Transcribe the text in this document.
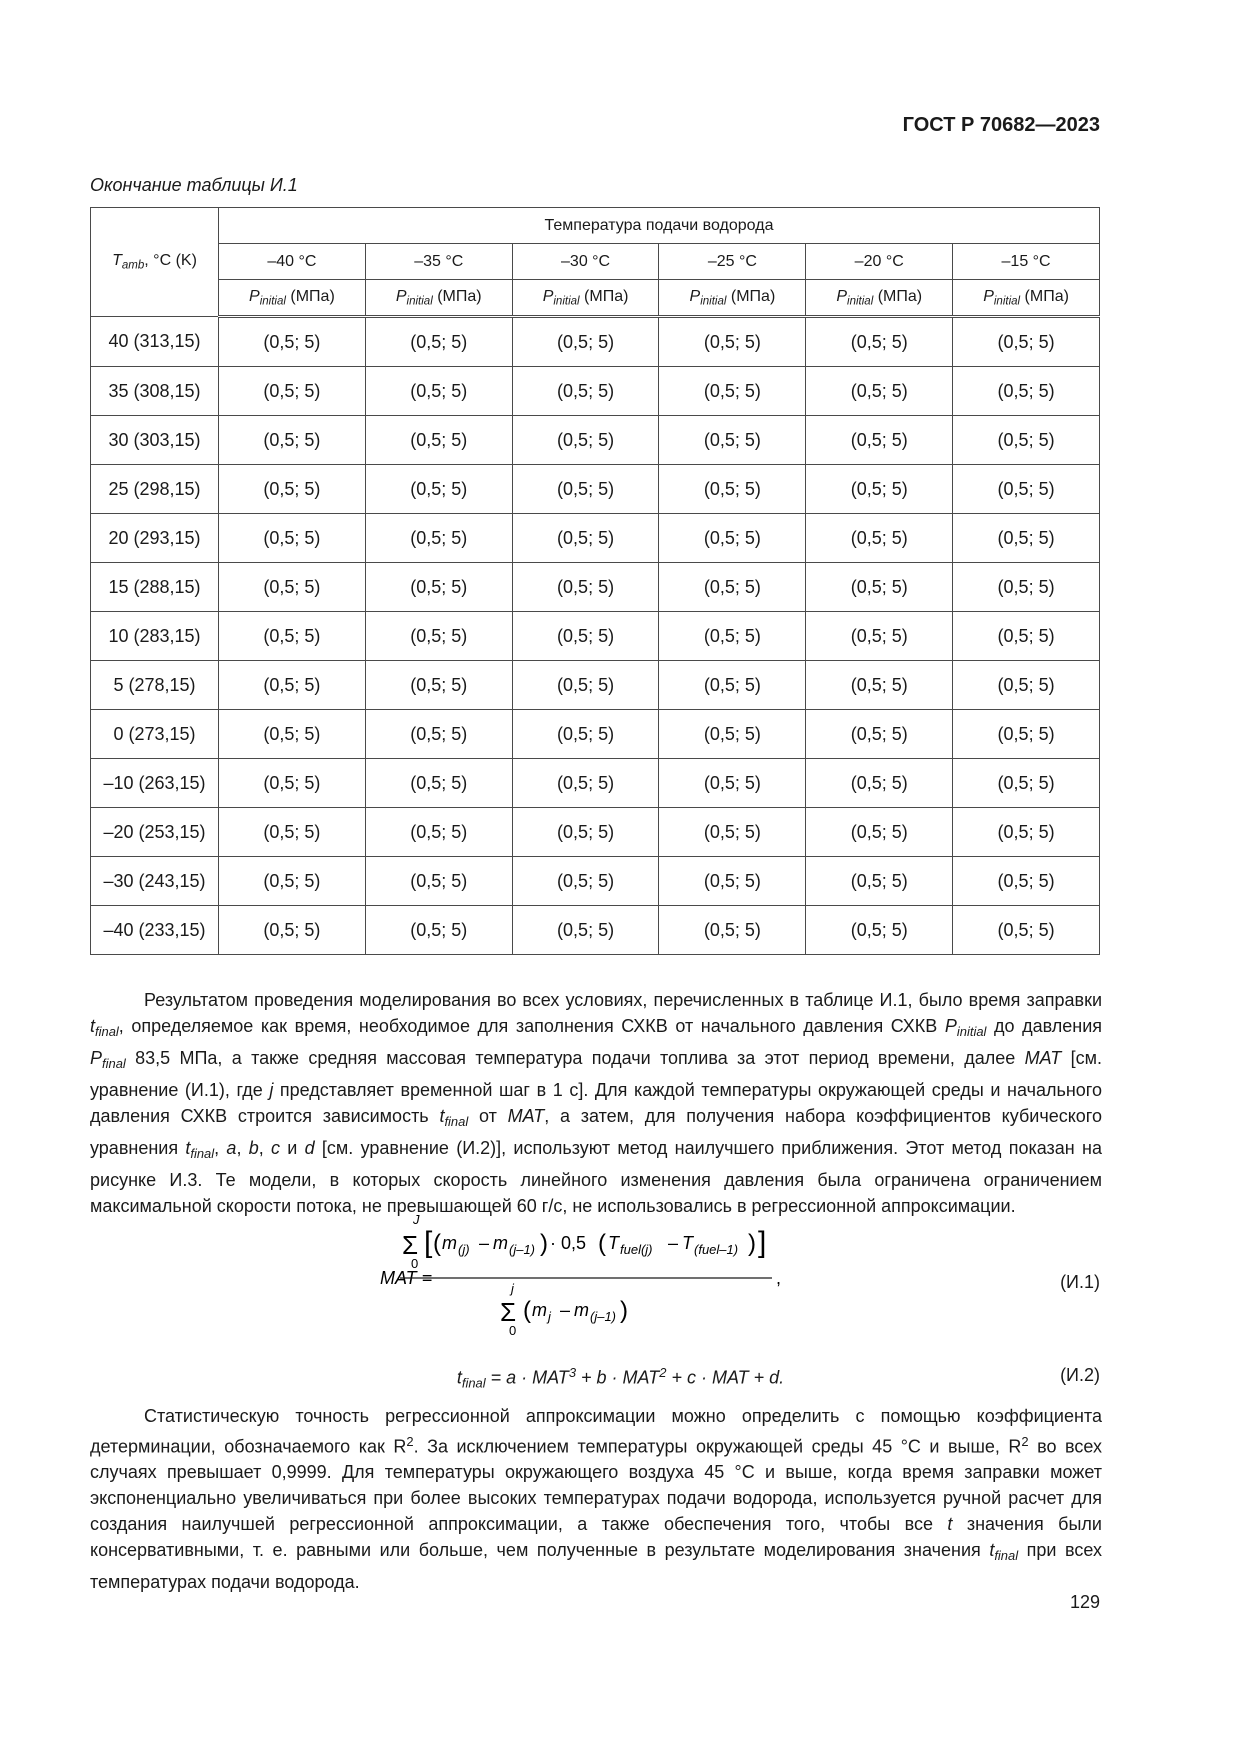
ГОСТ Р 70682—2023
Окончание таблицы И.1
$T_{amb}$, °C (K)	Температура подачи водорода					
	–40 °C	–35 °C	–30 °C	–25 °C	–20 °C	–15 °C
	$P_{initial}$ (МПа)	$P_{initial}$ (МПа)	$P_{initial}$ (МПа)	$P_{initial}$ (МПа)	$P_{initial}$ (МПа)	$P_{initial}$ (МПа)
40 (313,15)	(0,5; 5)	(0,5; 5)	(0,5; 5)	(0,5; 5)	(0,5; 5)	(0,5; 5)
35 (308,15)	(0,5; 5)	(0,5; 5)	(0,5; 5)	(0,5; 5)	(0,5; 5)	(0,5; 5)
30 (303,15)	(0,5; 5)	(0,5; 5)	(0,5; 5)	(0,5; 5)	(0,5; 5)	(0,5; 5)
25 (298,15)	(0,5; 5)	(0,5; 5)	(0,5; 5)	(0,5; 5)	(0,5; 5)	(0,5; 5)
20 (293,15)	(0,5; 5)	(0,5; 5)	(0,5; 5)	(0,5; 5)	(0,5; 5)	(0,5; 5)
15 (288,15)	(0,5; 5)	(0,5; 5)	(0,5; 5)	(0,5; 5)	(0,5; 5)	(0,5; 5)
10 (283,15)	(0,5; 5)	(0,5; 5)	(0,5; 5)	(0,5; 5)	(0,5; 5)	(0,5; 5)
5 (278,15)	(0,5; 5)	(0,5; 5)	(0,5; 5)	(0,5; 5)	(0,5; 5)	(0,5; 5)
0 (273,15)	(0,5; 5)	(0,5; 5)	(0,5; 5)	(0,5; 5)	(0,5; 5)	(0,5; 5)
–10 (263,15)	(0,5; 5)	(0,5; 5)	(0,5; 5)	(0,5; 5)	(0,5; 5)	(0,5; 5)
–20 (253,15)	(0,5; 5)	(0,5; 5)	(0,5; 5)	(0,5; 5)	(0,5; 5)	(0,5; 5)
–30 (243,15)	(0,5; 5)	(0,5; 5)	(0,5; 5)	(0,5; 5)	(0,5; 5)	(0,5; 5)
–40 (233,15)	(0,5; 5)	(0,5; 5)	(0,5; 5)	(0,5; 5)	(0,5; 5)	(0,5; 5)

Результатом проведения моделирования во всех условиях, перечисленных в таблице И.1, было время заправки $t_{final}$, определяемое как время, необходимое для заполнения СХКВ от начального давления СХКВ $P_{initial}$ до давления $P_{final}$ 83,5 МПа, а также средняя массовая температура подачи топлива за этот период времени, далее MAT [см. уравнение (И.1), где j представляет временной шаг в 1 с]. Для каждой температуры окружающей среды и начального давления СХКВ строится зависимость $t_{final}$ от MAT, а затем, для получения набора коэффициентов кубического уравнения $t_{final}$, a, b, c и d [см. уравнение (И.2)], используют метод наилучшего приближения. Этот метод показан на рисунке И.3. Те модели, в которых скорость линейного изменения давления была ограничена ограничением максимальной скорости потока, не превышающей 60 г/с, не использовались в регрессионной аппроксимации.

MAT =
J
Σ
0
[ ( m (j) – m (j–1) ) · 0,5 ( T fuel(j) – T (fuel–1) ) ]
,
j
Σ
0
( m j – m (j–1) )
(И.1)
$t_{final} = a \cdot MAT^3 + b \cdot MAT^2 + c$ · MAT + d.	(И.2)

Статистическую точность регрессионной аппроксимации можно определить с помощью коэффициента детерминации, обозначаемого как $R^2$. За исключением температуры окружающей среды 45 °C и выше, $R^2$ во всех случаях превышает 0,9999. Для температуры окружающего воздуха 45 °C и выше, когда время заправки может экспоненциально увеличиваться при более высоких температурах подачи водорода, используется ручной расчет для создания наилучшей регрессионной аппроксимации, а также обеспечения того, чтобы все t значения были консервативными, т. е. равными или больше, чем полученные в результате моделирования значения $t_{final}$ при всех температурах подачи водорода.

129
